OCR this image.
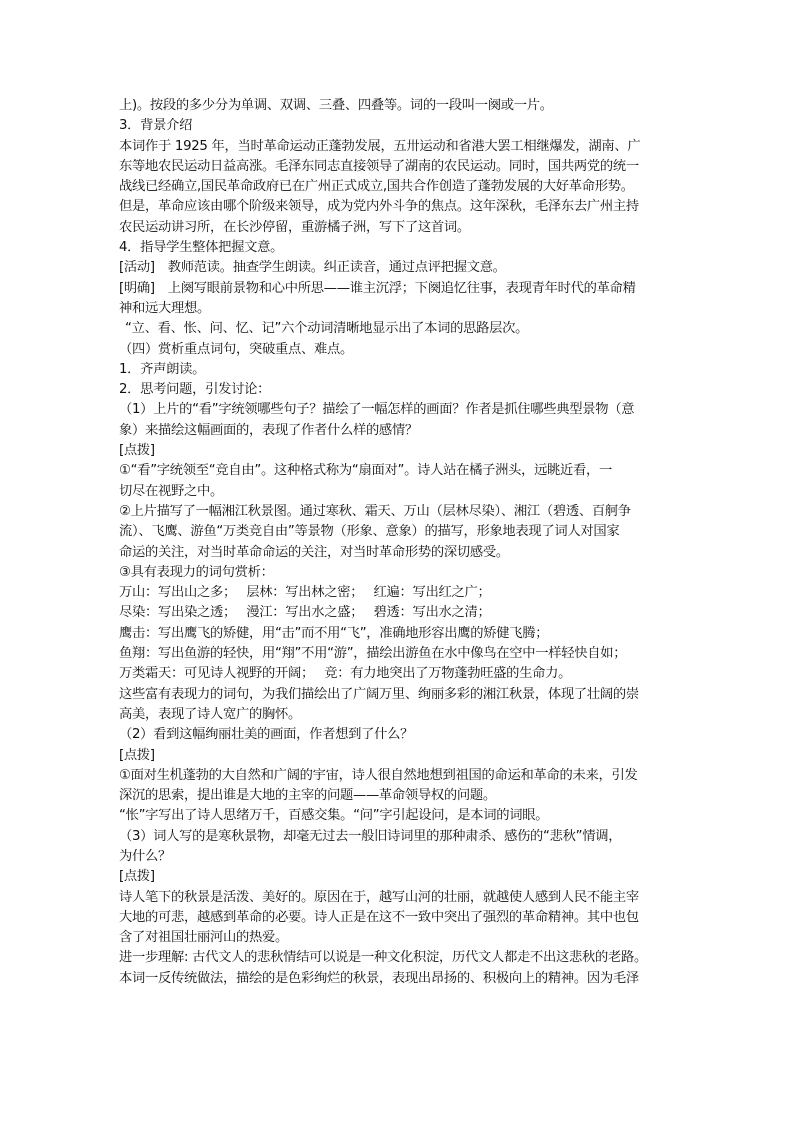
上)。按段的多少分为单调、双调、三叠、四叠等。词的一段叫一阕或一片。
3．背景介绍
本词作于 1925 年，当时革命运动正蓬勃发展，五卅运动和省港大罢工相继爆发，湖南、广
东等地农民运动日益高涨。毛泽东同志直接领导了湖南的农民运动。同时，国共两党的统一
战线已经确立,国民革命政府已在广州正式成立,国共合作创造了蓬勃发展的大好革命形势。
但是，革命应该由哪个阶级来领导，成为党内外斗争的焦点。这年深秋，毛泽东去广州主持
农民运动讲习所，在长沙停留，重游橘子洲，写下了这首词。
4．指导学生整体把握文意。
[活动]　教师范读。抽查学生朗读。纠正读音，通过点评把握文意。
[明确]　上阕写眼前景物和心中所思——谁主沉浮；下阕追忆往事，表现青年时代的革命精
神和远大理想。
“立、看、怅、问、忆、记”六个动词清晰地显示出了本词的思路层次。
（四）赏析重点词句，突破重点、难点。
1．齐声朗读。
2．思考问题，引发讨论：
（1）上片的“看”字统领哪些句子？描绘了一幅怎样的画面？作者是抓住哪些典型景物（意
象）来描绘这幅画面的，表现了作者什么样的感情？
[点拨]
①“看”字统领至“竞自由”。这种格式称为“扇面对”。诗人站在橘子洲头，远眺近看，一
切尽在视野之中。
②上片描写了一幅湘江秋景图。通过寒秋、霜天、万山（层林尽染）、湘江（碧透、百舸争
流）、飞鹰、游鱼“万类竞自由”等景物（形象、意象）的描写，形象地表现了词人对国家
命运的关注，对当时革命命运的关注，对当时革命形势的深切感受。
③具有表现力的词句赏析：
万山：写出山之多；　 层林：写出林之密；　 红遍：写出红之广；
尽染：写出染之透；　 漫江：写出水之盛；　 碧透：写出水之清；
鹰击：写出鹰飞的矫健，用“击”而不用“飞”，准确地形容出鹰的矫健飞腾；
鱼翔：写出鱼游的轻快，用“翔”不用“游”，描绘出游鱼在水中像鸟在空中一样轻快自如；
万类霜天：可见诗人视野的开阔；　 竞：有力地突出了万物蓬勃旺盛的生命力。
这些富有表现力的词句，为我们描绘出了广阔万里、绚丽多彩的湘江秋景，体现了壮阔的崇
高美，表现了诗人宽广的胸怀。
（2）看到这幅绚丽壮美的画面，作者想到了什么？
[点拨]
①面对生机蓬勃的大自然和广阔的宇宙，诗人很自然地想到祖国的命运和革命的未来，引发
深沉的思索，提出谁是大地的主宰的问题——革命领导权的问题。
“怅”字写出了诗人思绪万千，百感交集。“问”字引起设问，是本词的词眼。
（3）词人写的是寒秋景物，却毫无过去一般旧诗词里的那种肃杀、感伤的“悲秋”情调，
为什么？
[点拨]
诗人笔下的秋景是活泼、美好的。原因在于，越写山河的壮丽，就越使人感到人民不能主宰
大地的可悲，越感到革命的必要。诗人正是在这不一致中突出了强烈的革命精神。其中也包
含了对祖国壮丽河山的热爱。
进一步理解: 古代文人的悲秋情结可以说是一种文化积淀，历代文人都走不出这悲秋的老路。
本词一反传统做法，描绘的是色彩绚烂的秋景，表现出昂扬的、积极向上的精神。因为毛泽
